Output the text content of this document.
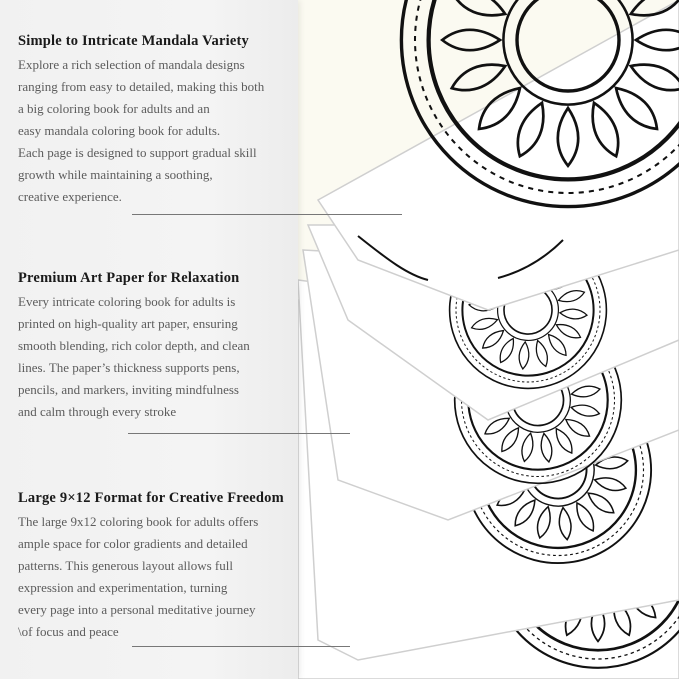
Simple to Intricate Mandala Variety

Explore a rich selection of mandala designs
ranging from easy to detailed, making this both
a big coloring book for adults and an
easy mandala coloring book for adults.
Each page is designed to support gradual skill
growth while maintaining a soothing,
creative experience.

Premium Art Paper for Relaxation

Every intricate coloring book for adults is
printed on high-quality art paper, ensuring
smooth blending, rich color depth, and clean
lines. The paper’s thickness supports pens,
pencils, and markers, inviting mindfulness
and calm through every stroke

Large 9×12 Format for Creative Freedom

The large 9x12 coloring book for adults offers
ample space for color gradients and detailed
patterns. This generous layout allows full
expression and experimentation, turning
every page into a personal meditative journey
\of focus and peace
